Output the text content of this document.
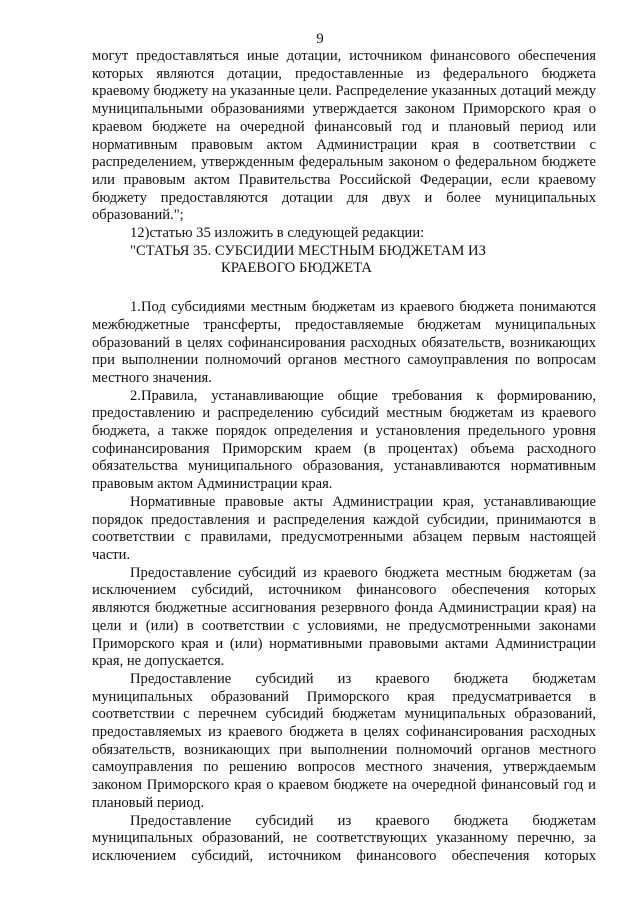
9

могут предоставляться иные дотации, источником финансового обеспечения которых являются дотации, предоставленные из федерального бюджета краевому бюджету на указанные цели. Распределение указанных дотаций между муниципальными образованиями утверждается законом Приморского края о краевом бюджете на очередной финансовый год и плановый период или нормативным правовым актом Администрации края в соответствии с распределением, утвержденным федеральным законом о федеральном бюджете или правовым актом Правительства Российской Федерации, если краевому бюджету предоставляются дотации для двух и более муниципальных образований.";

12)статью 35 изложить в следующей редакции:

"СТАТЬЯ 35. СУБСИДИИ МЕСТНЫМ БЮДЖЕТАМ ИЗ

КРАЕВОГО БЮДЖЕТА

1.Под субсидиями местным бюджетам из краевого бюджета понимаются межбюджетные трансферты, предоставляемые бюджетам муниципальных образований в целях софинансирования расходных обязательств, возникающих при выполнении полномочий органов местного самоуправления по вопросам местного значения.

2.Правила, устанавливающие общие требования к формированию, предоставлению и распределению субсидий местным бюджетам из краевого бюджета, а также порядок определения и установления предельного уровня софинансирования Приморским краем (в процентах) объема расходного обязательства муниципального образования, устанавливаются нормативным правовым актом Администрации края.

Нормативные правовые акты Администрации края, устанавливающие порядок предоставления и распределения каждой субсидии, принимаются в соответствии с правилами, предусмотренными абзацем первым настоящей части.

Предоставление субсидий из краевого бюджета местным бюджетам (за исключением субсидий, источником финансового обеспечения которых являются бюджетные ассигнования резервного фонда Администрации края) на цели и (или) в соответствии с условиями, не предусмотренными законами Приморского края и (или) нормативными правовыми актами Администрации края, не допускается.

Предоставление субсидий из краевого бюджета бюджетам муниципальных образований Приморского края предусматривается в соответствии с перечнем субсидий бюджетам муниципальных образований, предоставляемых из краевого бюджета в целях софинансирования расходных обязательств, возникающих при выполнении полномочий органов местного самоуправления по решению вопросов местного значения, утверждаемым законом Приморского края о краевом бюджете на очередной финансовый год и плановый период.

Предоставление субсидий из краевого бюджета бюджетам муниципальных образований, не соответствующих указанному перечню, за исключением субсидий, источником финансового обеспечения которых
